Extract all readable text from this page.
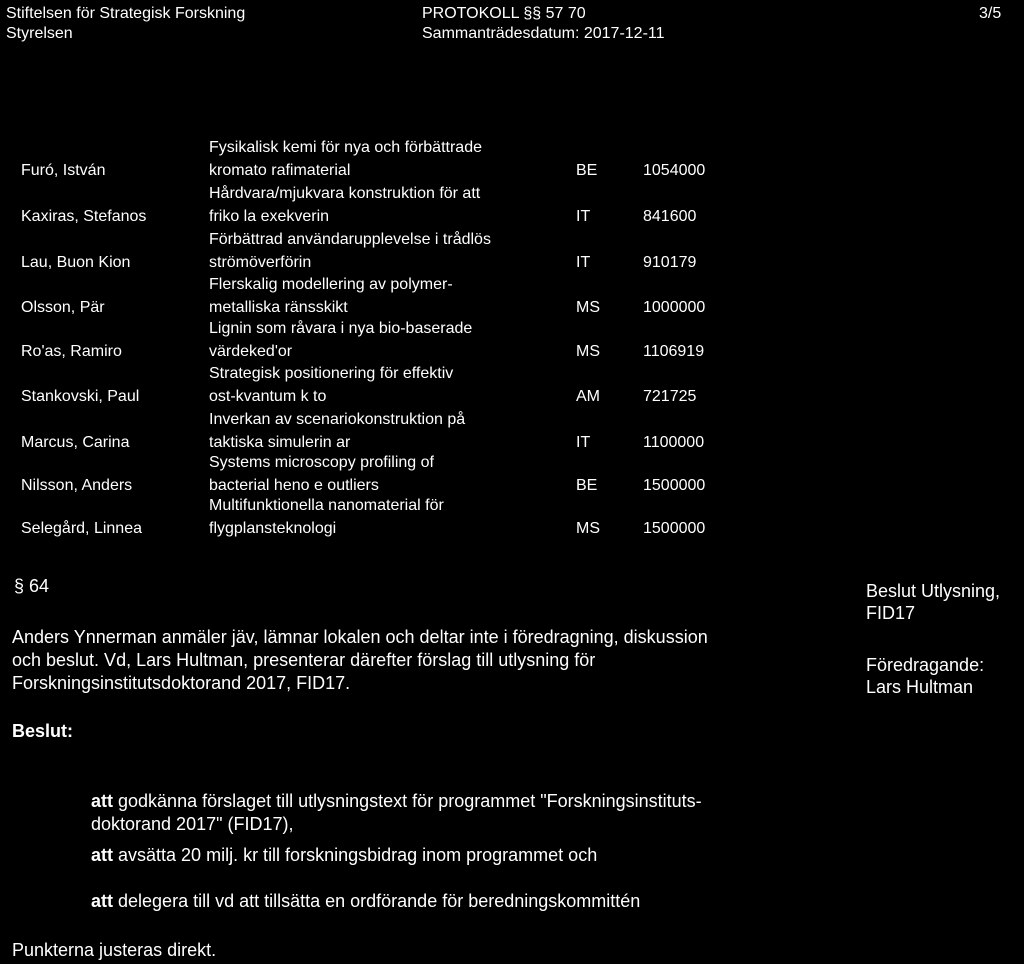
Stiftelsen för Strategisk Forskning
Styrelsen
PROTOKOLL §§ 57 70
Sammanträdesdatum: 2017-12-11
3/5
Furó, István
Fysikalisk kemi för nya och förbättrade
kromato rafimaterial	BE	1054000
Kaxiras, Stefanos
Hårdvara/mjukvara konstruktion för att
friko la exekverin	IT	841600
Lau, Buon Kion
Förbättrad användarupplevelse i trådlös
strömöverförin	IT	910179
Olsson, Pär
Flerskalig modellering av polymer-
metalliska ränsskikt	MS	1000000
Ro'as, Ramiro
Lignin som råvara i nya bio-baserade
värdeked'or	MS	1106919
Stankovski, Paul
Strategisk positionering för effektiv
ost-kvantum k to	AM	721725
Marcus, Carina
Inverkan av scenariokonstruktion på
taktiska simulerin ar	IT	1100000
Nilsson, Anders
Systems microscopy profiling of
bacterial heno e outliers	BE	1500000
Selegård, Linnea
Multifunktionella nanomaterial för
flygplansteknologi	MS	1500000
§ 64	Beslut Utlysning,
FID17
Föredragande:
Lars Hultman
Anders Ynnerman anmäler jäv, lämnar lokalen och deltar inte i föredragning, diskussion
och beslut. Vd, Lars Hultman, presenterar därefter förslag till utlysning för
Forskningsinstitutsdoktorand 2017, FID17.
Beslut:
att godkänna förslaget till utlysningstext för programmet "Forskningsinstituts-
doktorand 2017" (FID17),
att avsätta 20 milj. kr till forskningsbidrag inom programmet och
att delegera till vd att tillsätta en ordförande för beredningskommittén
Punkterna justeras direkt.
